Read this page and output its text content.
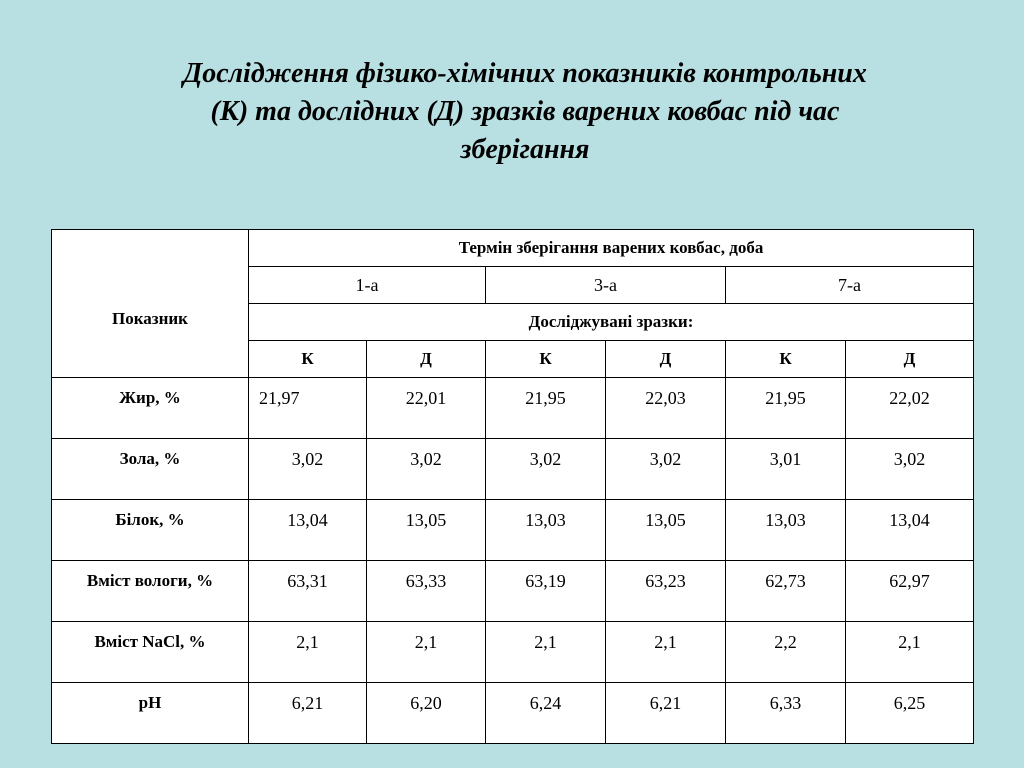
Дослідження фізико-хімічних показників контрольних
(К) та дослідних (Д) зразків варених ковбас під час
зберігання
Показник	Термін зберігання варених ковбас, доба					
	1-а		3-а		7-а	
	Досліджувані зразки:					
	К	Д	К	Д	К	Д

Жир, %	21,97	22,01	21,95	22,03	21,95	22,02

Зола, %	3,02	3,02	3,02	3,02	3,01	3,02

Білок, %	13,04	13,05	13,03	13,05	13,03	13,04

Вміст вологи, %	63,31	63,33	63,19	63,23	62,73	62,97

Вміст NaCl, %	2,1	2,1	2,1	2,1	2,2	2,1

pH	6,21	6,20	6,24	6,21	6,33	6,25
